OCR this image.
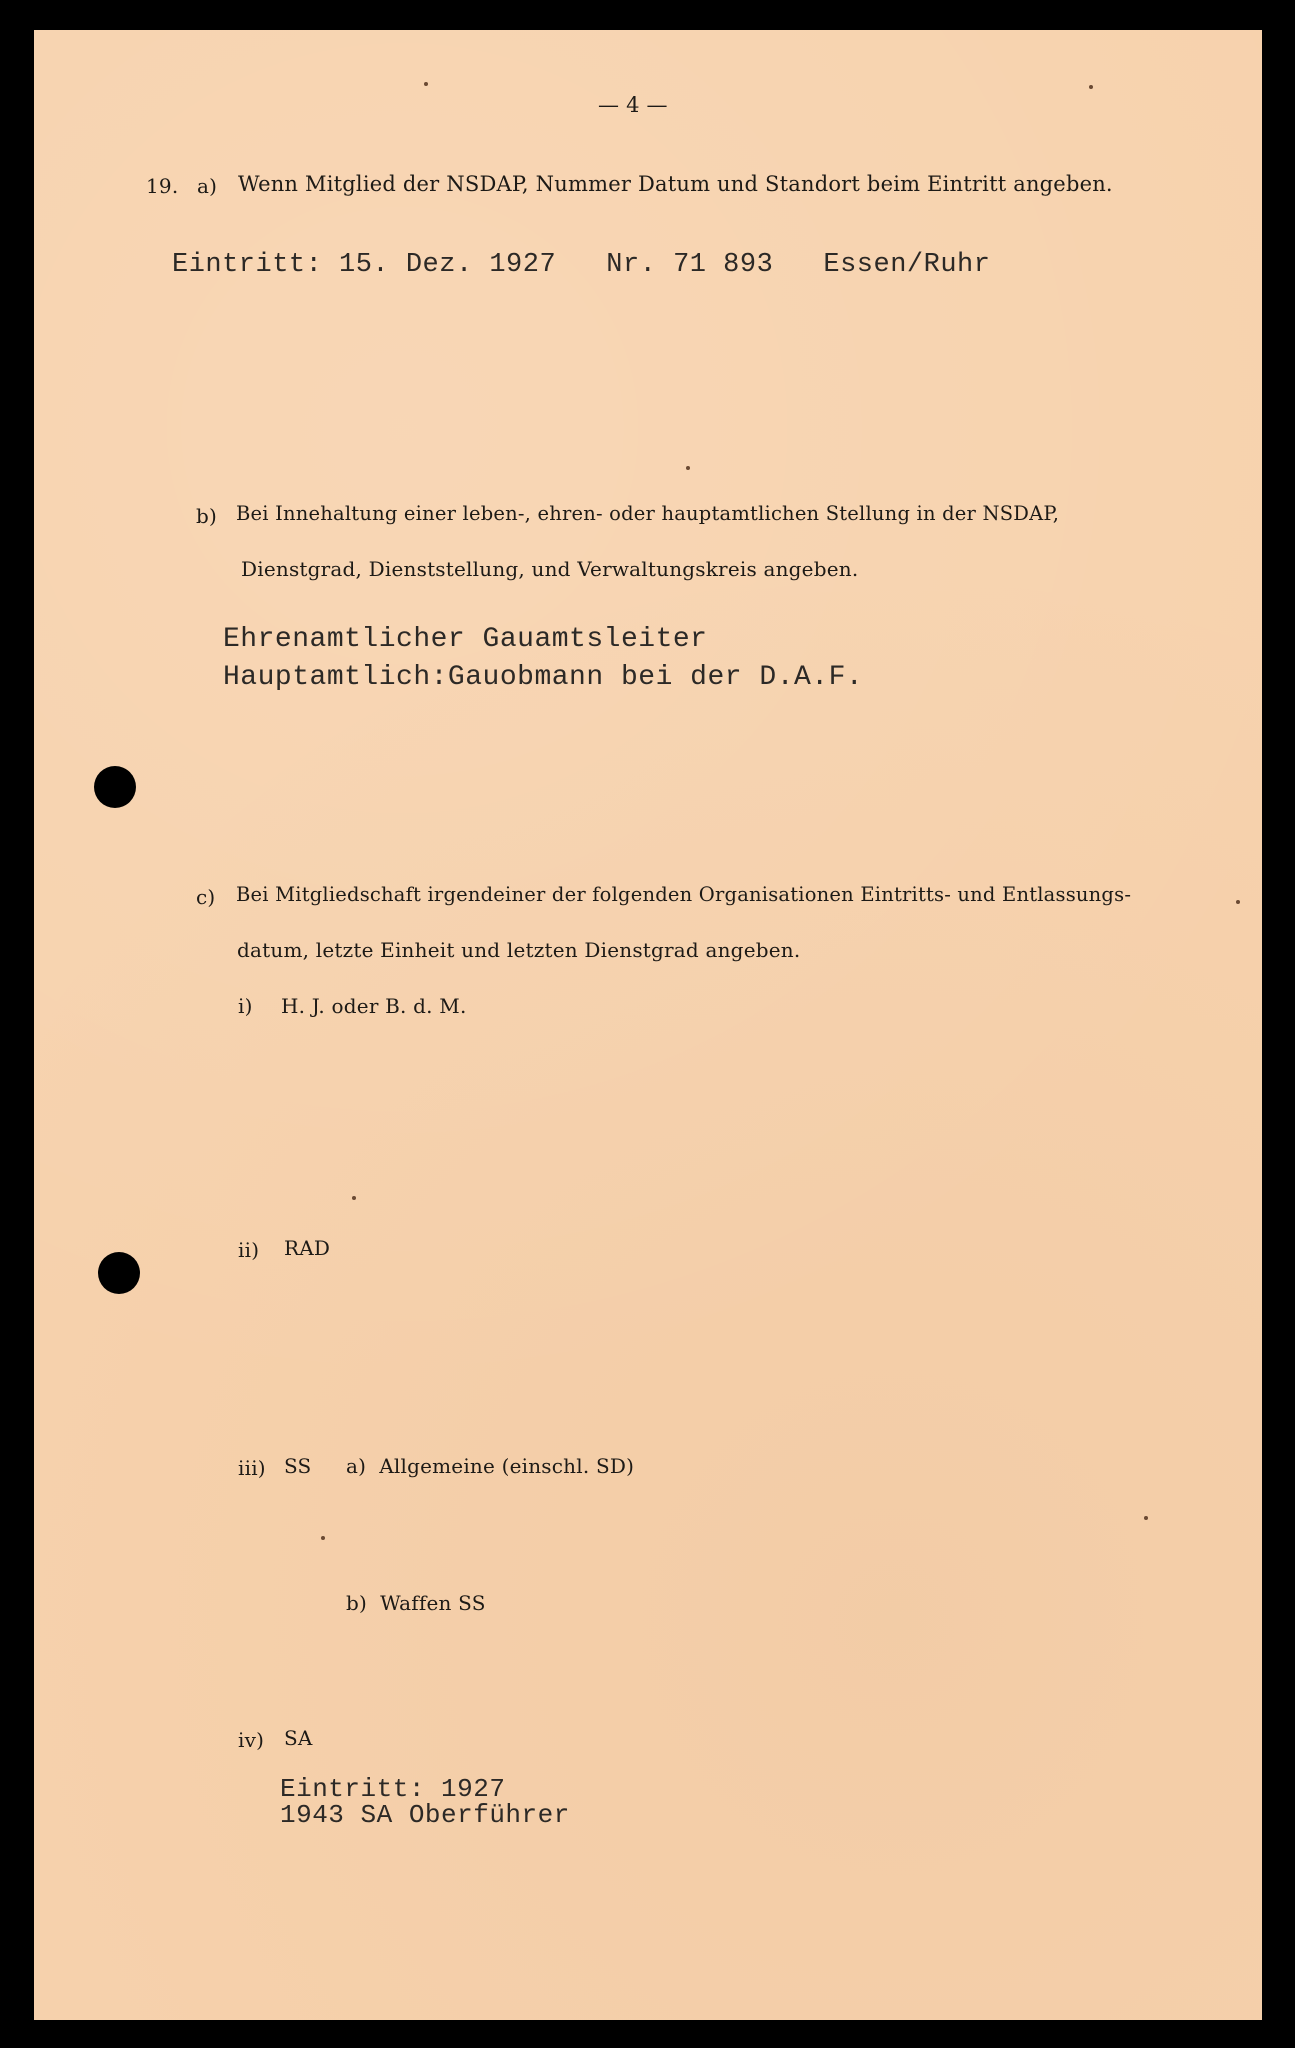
— 4 —
19. a) Wenn Mitglied der NSDAP, Nummer Datum und Standort beim Eintritt angeben.
Eintritt: 15. Dez. 1927   Nr. 71 893   Essen/Ruhr
b) Bei Innehaltung einer leben-, ehren- oder hauptamtlichen Stellung in der NSDAP,
Dienstgrad, Dienststellung, und Verwaltungskreis angeben.
Ehrenamtlicher Gauamtsleiter
Hauptamtlich:Gauobmann bei der D.A.F.
c) Bei Mitgliedschaft irgendeiner der folgenden Organisationen Eintritts- und Entlassungs-
datum, letzte Einheit und letzten Dienstgrad angeben.
i) H. J. oder B. d. M.
ii) RAD
iii) SS a)  Allgemeine (einschl. SD)
b)  Waffen SS
iv) SA
Eintritt: 1927
1943 SA Oberführer
